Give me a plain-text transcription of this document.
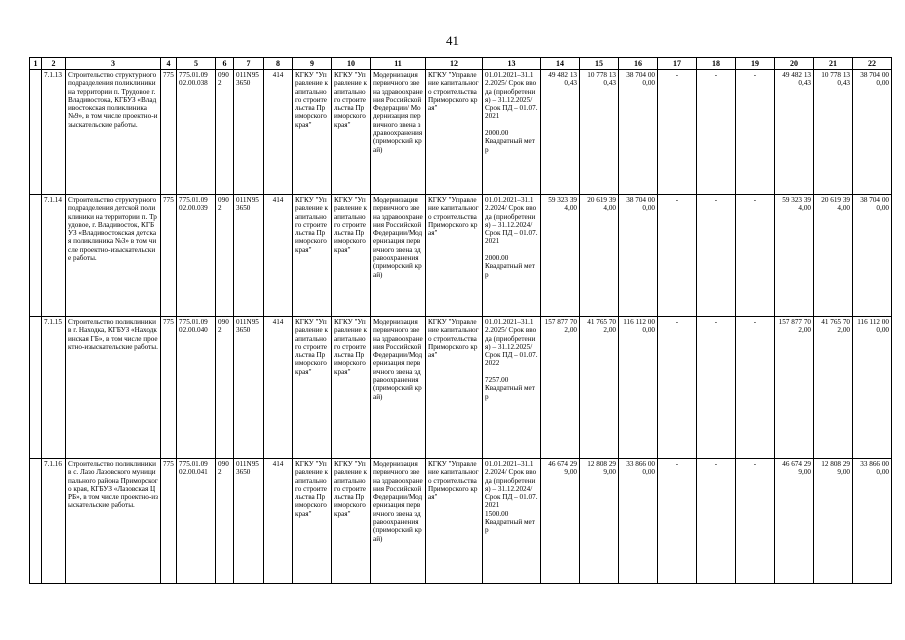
41
1	2	3	4	5	6	7	8	9	10	11	12	13	14	15	16	17	18	19	20	21	22
	7.1.13	Строительство структурного подразделения поликлиники на территории п. Трудовое г. Владивостока, КГБУЗ «Владивостокская поликлиника №9», в том числе проектно-изыскательские работы.	775	775.01.09 02.00.038	0902	011N95 3650	414	КГКУ "Управление капитального строительства Приморского края"	КГКУ "Управление капитального строительства Приморского края"	Модернизация первичного звена здравоохранения Российской Федерации/ Модернизация первичного звена здравоохранения (приморский край)	КГКУ "Управление капитального строительства Приморского края"	01.01.2021–31.12.2025/ Срок ввода (приобретения) – 31.12.2025/ Срок ПД – 01.07.2021

2000.00
Квадратный метр	49 482 130,43	10 778 130,43	38 704 000,00	-	-	-	49 482 130,43	10 778 130,43	38 704 000,00
	7.1.14	Строительство структурного подразделения детской поликлиники на территории п. Трудовое, г. Владивосток, КГБУЗ «Владивостокская детская поликлиника №3» в том числе проектно-изыскательские работы.	775	775.01.09 02.00.039	0902	011N95 3650	414	КГКУ "Управление капитального строительства Приморского края"	КГКУ "Управление капитального строительства Приморского края"	Модернизация первичного звена здравоохранения Российской Федерации/Модернизация первичного звена здравоохранения (приморский край)	КГКУ "Управление капитального строительства Приморского края"	01.01.2021–31.12.2024/ Срок ввода (приобретения) – 31.12.2024/ Срок ПД – 01.07.2021

2000.00
Квадратный метр	59 323 394,00	20 619 394,00	38 704 000,00	-	-	-	59 323 394,00	20 619 394,00	38 704 000,00
	7.1.15	Строительство поликлиники в г. Находка, КГБУЗ «Находкинская ГБ», в том числе проектно-изыскательские работы.	775	775.01.09 02.00.040	0902	011N95 3650	414	КГКУ "Управление капитального строительства Приморского края"	КГКУ "Управление капитального строительства Приморского края"	Модернизация первичного звена здравоохранения Российской Федерации/Модернизация первичного звена здравоохранения (приморский край)	КГКУ "Управление капитального строительства Приморского края"	01.01.2021–31.12.2025/ Срок ввода (приобретения) – 31.12.2025/ Срок ПД – 01.07.2022

7257.00
Квадратный метр	157 877 702,00	41 765 702,00	116 112 000,00	-	-	-	157 877 702,00	41 765 702,00	116 112 000,00
	7.1.16	Строительство поликлиники в с. Лазо Лазовского муниципального района Приморского края, КГБУЗ «Лазовская ЦРБ», в том числе проектно-изыскательские работы.	775	775.01.09 02.00.041	0902	011N95 3650	414	КГКУ "Управление капитального строительства Приморского края"	КГКУ "Управление капитального строительства Приморского края"	Модернизация первичного звена здравоохранения Российской Федерации/Модернизация первичного звена здравоохранения (приморский край)	КГКУ "Управление капитального строительства Приморского края"	01.01.2021–31.12.2024/ Срок ввода (приобретения) – 31.12.2024/ Срок ПД – 01.07.2021
1500.00
Квадратный метр	46 674 299,00	12 808 299,00	33 866 000,00	-	-	-	46 674 299,00	12 808 299,00	33 866 000,00
